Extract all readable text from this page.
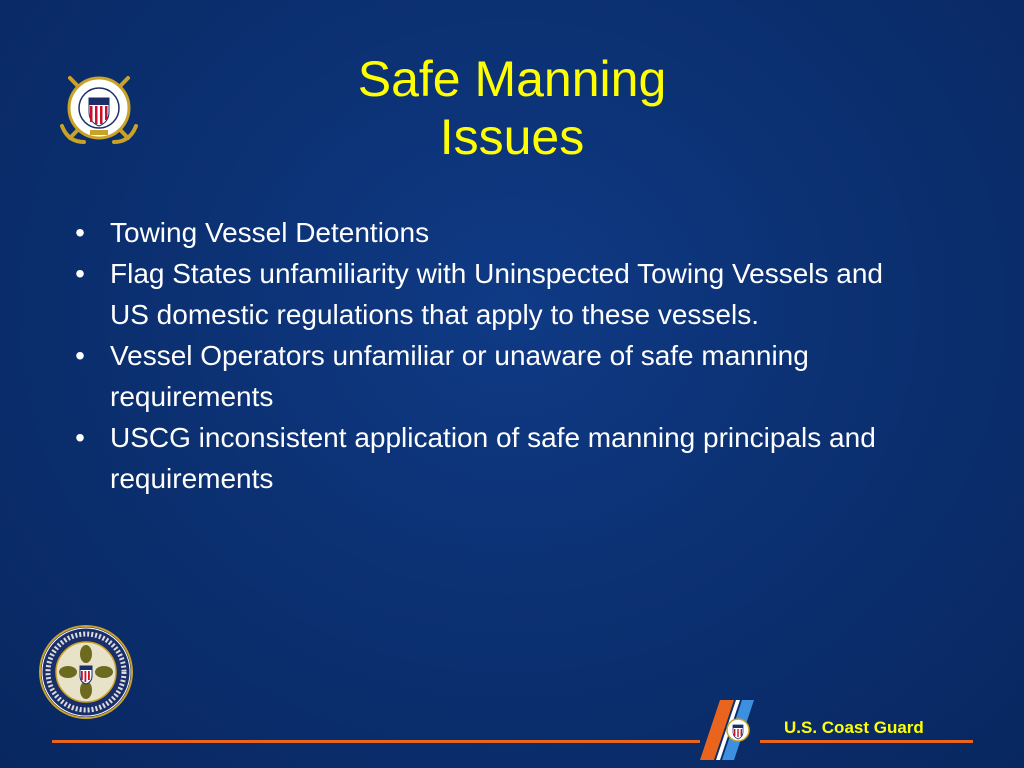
Safe Manning
Issues
• Towing Vessel Detentions
• Flag States unfamiliarity with Uninspected Towing Vessels and US domestic regulations that apply to these vessels.
• Vessel Operators unfamiliar or unaware of safe manning requirements
• USCG inconsistent application of safe manning principals and requirements
U.S. Coast Guard
